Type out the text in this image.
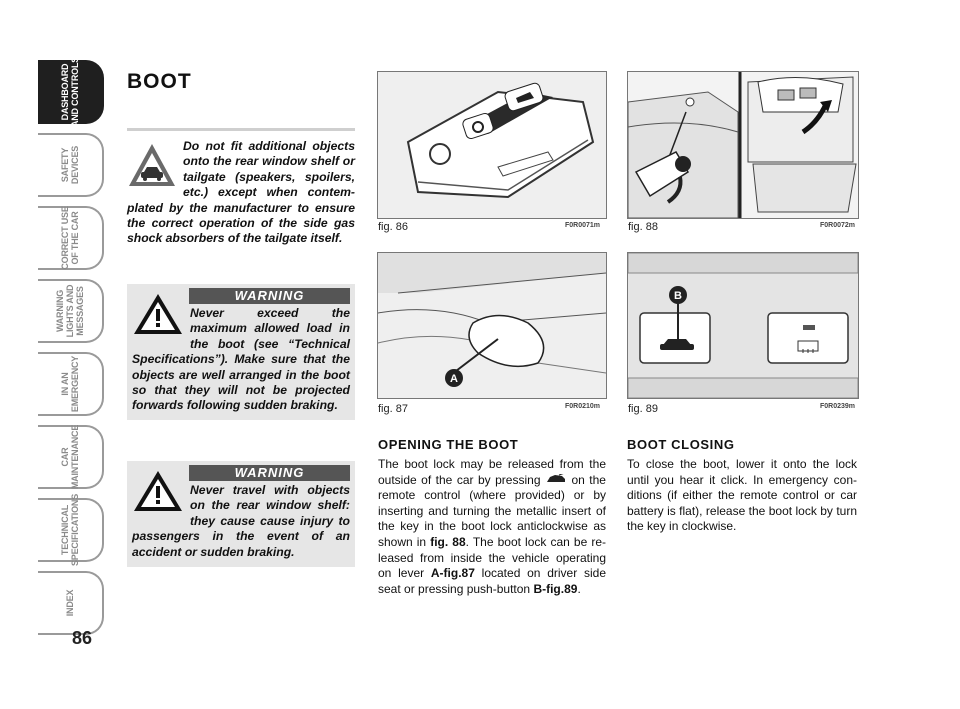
DASHBOARD
AND CONTROLS
SAFETY
DEVICES
CORRECT USE
OF THE CAR
WARNING
LIGHTS AND
MESSAGES
IN AN
EMERGENCY
CAR
MAINTENANCE
TECHNICAL
SPECIFICATIONS
INDEX
86
BOOT
Do not fit additional objects onto the rear window shelf or tailgate (speakers, spoilers, etc.) except when contem-plated by the manufacturer to ensure the correct operation of the side gas shock absorbers of the tailgate itself.
WARNING
Never exceed the maximum allowed load in the boot (see “Technical Specifications”). Make sure that the objects are well arranged in the boot so that they will not be projected forwards following sudden braking.
WARNING
Never travel with objects on the rear window shelf: they cause cause injury to passengers in the event of an accident or sudden braking.
fig. 86	F0R0071m	fig. 88	F0R0072m
A
fig. 87	F0R0210m
B
fig. 89	F0R0239m
OPENING THE BOOT
The boot lock may be released from the outside of the car by pressing	on the remote control (where provided) or by inserting and turning the metallic insert of the key in the boot lock anticlockwise as shown in fig. 88. The boot lock can be re-leased from inside the vehicle operating on lever A-fig.87 located on driver side seat or pressing push-button B-fig.89.
BOOT CLOSING
To close the boot, lower it onto the lock until you hear it click. In emergency con-ditions (if either the remote control or car battery is flat), release the boot lock by turn the key in clockwise.
